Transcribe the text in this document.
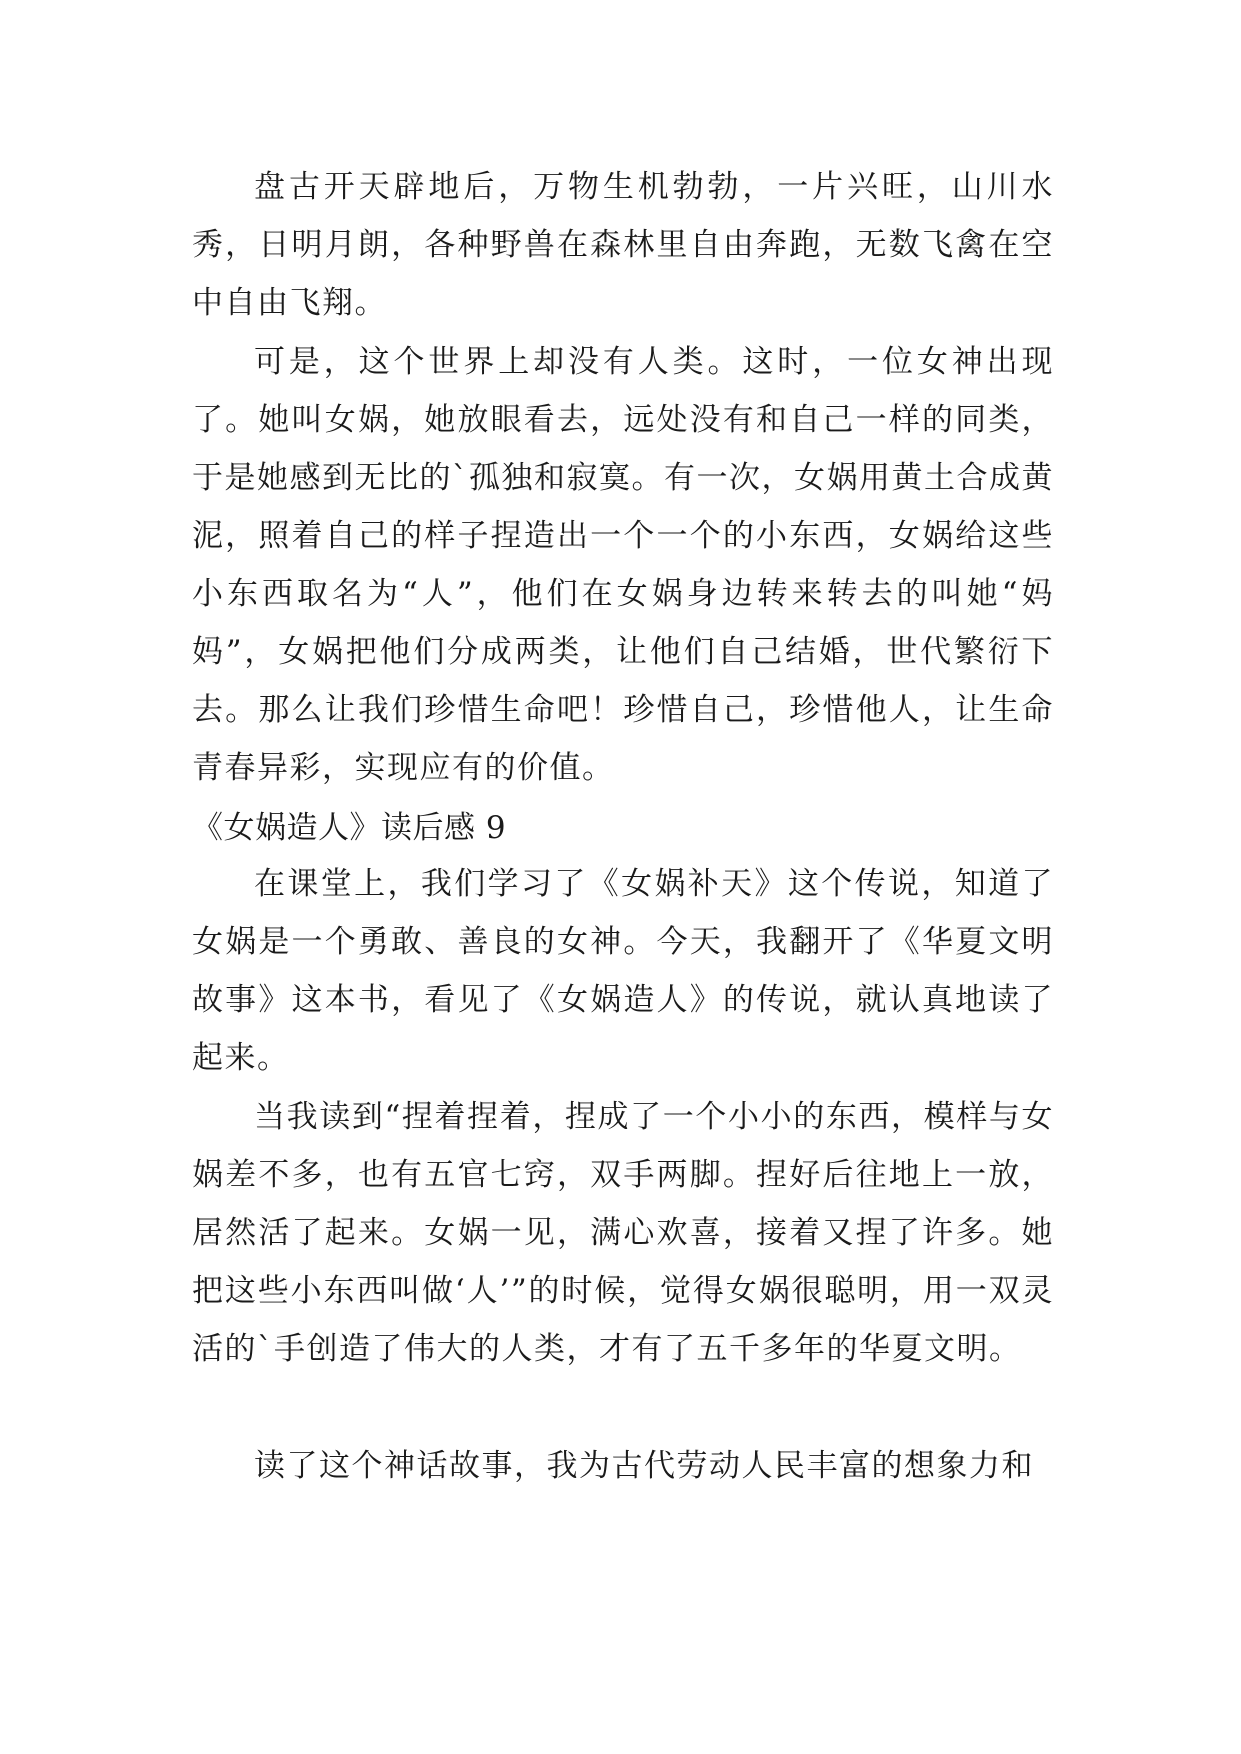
盘古开天辟地后，万物生机勃勃，一片兴旺，山川水秀，日明月朗，各种野兽在森林里自由奔跑，无数飞禽在空中自由飞翔。

可是，这个世界上却没有人类。这时，一位女神出现了。她叫女娲，她放眼看去，远处没有和自己一样的同类，于是她感到无比的`孤独和寂寞。有一次，女娲用黄土合成黄泥，照着自己的样子捏造出一个一个的小东西，女娲给这些小东西取名为“人”，他们在女娲身边转来转去的叫她“妈妈”，女娲把他们分成两类，让他们自己结婚，世代繁衍下去。那么让我们珍惜生命吧！珍惜自己，珍惜他人，让生命青春异彩，实现应有的价值。

《女娲造人》读后感 9

在课堂上，我们学习了《女娲补天》这个传说，知道了女娲是一个勇敢、善良的女神。今天，我翻开了《华夏文明故事》这本书，看见了《女娲造人》的传说，就认真地读了起来。

当我读到“捏着捏着，捏成了一个小小的东西，模样与女娲差不多，也有五官七窍，双手两脚。捏好后往地上一放，居然活了起来。女娲一见，满心欢喜，接着又捏了许多。她把这些小东西叫做‘人’”的时候，觉得女娲很聪明，用一双灵活的`手创造了伟大的人类，才有了五千多年的华夏文明。

读了这个神话故事，我为古代劳动人民丰富的想象力和
